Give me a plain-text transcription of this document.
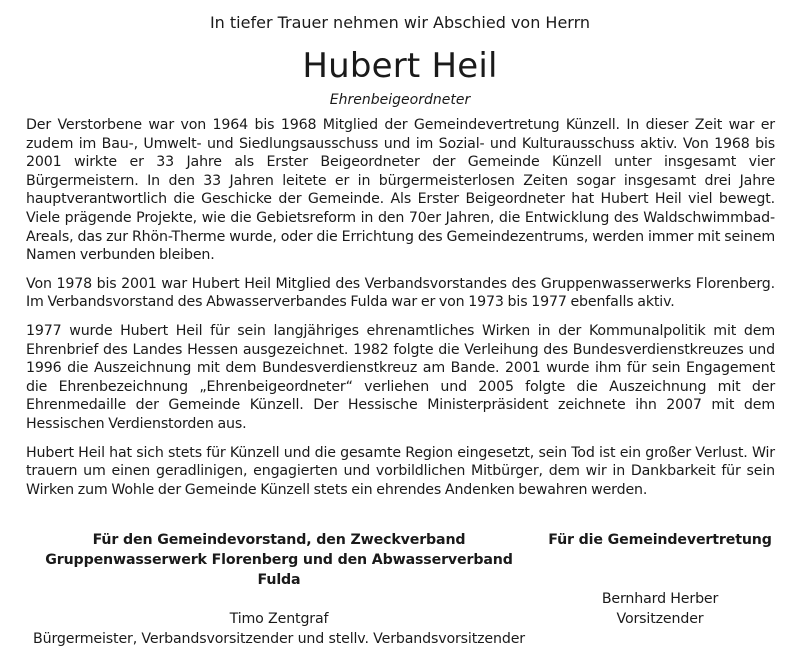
In tiefer Trauer nehmen wir Abschied von Herrn
Hubert Heil
Ehrenbeigeordneter

Der Verstorbene war von 1964 bis 1968 Mitglied der Gemeindevertretung Künzell. In dieser Zeit war er zudem im Bau-, Umwelt- und Siedlungsausschuss und im Sozial- und Kulturausschuss aktiv. Von 1968 bis 2001 wirkte er 33 Jahre als Erster Beigeordneter der Gemeinde Künzell unter insgesamt vier Bürgermeistern. In den 33 Jahren leitete er in bürgermeisterlosen Zeiten sogar insgesamt drei Jahre hauptverantwortlich die Geschicke der Gemeinde. Als Erster Beigeordneter hat Hubert Heil viel bewegt. Viele prägende Projekte, wie die Gebietsreform in den 70er Jahren, die Entwicklung des Waldschwimmbad-Areals, das zur Rhön-Therme wurde, oder die Errichtung des Gemeindezentrums, werden immer mit seinem Namen verbunden bleiben.

Von 1978 bis 2001 war Hubert Heil Mitglied des Verbandsvorstandes des Gruppenwasserwerks Florenberg. Im Verbandsvorstand des Abwasserverbandes Fulda war er von 1973 bis 1977 ebenfalls aktiv.

1977 wurde Hubert Heil für sein langjähriges ehrenamtliches Wirken in der Kommunalpolitik mit dem Ehrenbrief des Landes Hessen ausgezeichnet. 1982 folgte die Verleihung des Bundesverdienstkreuzes und 1996 die Auszeichnung mit dem Bundesverdienstkreuz am Bande. 2001 wurde ihm für sein Engagement die Ehrenbezeichnung „Ehrenbeigeordneter“ verliehen und 2005 folgte die Auszeichnung mit der Ehrenmedaille der Gemeinde Künzell. Der Hessische Ministerpräsident zeichnete ihn 2007 mit dem Hessischen Verdienstorden aus.

Hubert Heil hat sich stets für Künzell und die gesamte Region eingesetzt, sein Tod ist ein großer Verlust. Wir trauern um einen geradlinigen, engagierten und vorbildlichen Mitbürger, dem wir in Dankbarkeit für sein Wirken zum Wohle der Gemeinde Künzell stets ein ehrendes Andenken bewahren werden.

Für den Gemeindevorstand, den Zweckverband
Gruppenwasserwerk Florenberg und den Abwasserverband Fulda
Timo Zentgraf
Bürgermeister, Verbandsvorsitzender und stellv. Verbandsvorsitzender
Für die Gemeindevertretung
Bernhard Herber
Vorsitzender
